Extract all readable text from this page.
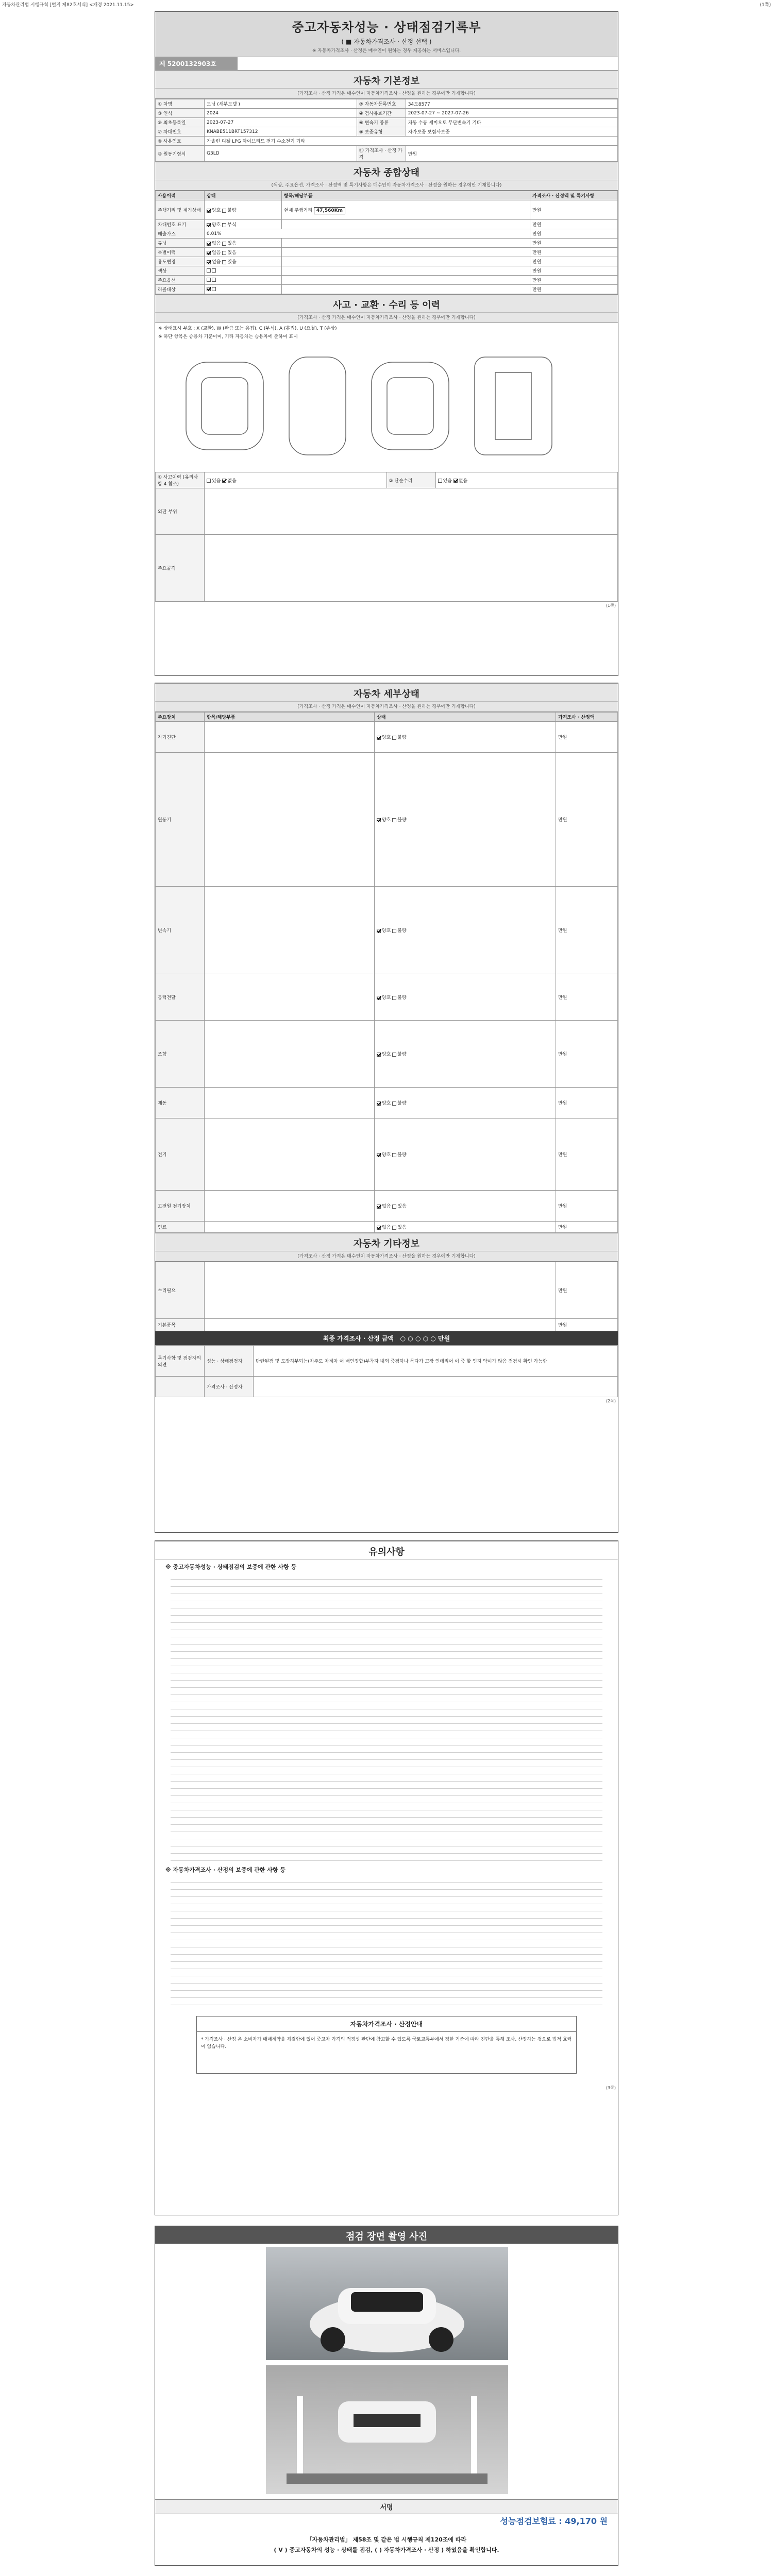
자동차관리법 시행규칙 [별지 제82호서식] <개정 2021.11.15>	(1쪽)
중고자동차성능 · 상태점검기록부
( ■ 자동차가격조사 · 산정 선택 )
※ 자동차가격조사 · 산정은 매수인이 원하는 경우 제공하는 서비스입니다.
제 5200132903호
자동차 기본정보
(가격조사 · 산정 가격은 매수인이 자동차가격조사 · 산정을 원하는 경우에만 기재합니다)
① 차명	모닝 (새부모델 )	② 자동차등록번호	34도8577
③ 연식	2024	④ 검사유효기간	2023-07-27 ~ 2027-07-26
⑤ 최초등록일	2023-07-27	⑥ 변속기 종류	자동 수동 세미오토 무단변속기 기타
⑦ 차대번호	KNABE511BRT157312	⑧ 보증유형	자가보증 보험사보증
⑨ 사용연료	가솔린 디젤 LPG 하이브리드 전기 수소전기 기타		
⑩ 원동기형식	G3LD	⑪ 가격조사 · 산정 가격	만원
자동차 종합상태
(색상, 주요옵션, 가격조사 · 산정액 및 특기사항은 매수인이 자동차가격조사 · 산정을 원하는 경우에만 기재합니다)
사용이력	상태	항목/해당부품	가격조사 · 산정액 및 특기사항
주행거리 및 계기상태	양호 불량	현재 주행거리 47,560Km	만원
차대번호 표기	양호 부식		만원
배출가스	0.01%		만원
튜닝	없음 있음		만원
특별이력	없음 있음		만원
용도변경	없음 있음		만원
색상			만원
주요옵션			만원
리콜대상			만원
사고 · 교환 · 수리 등 이력
(가격조사 · 산정 가격은 매수인이 자동차가격조사 · 산정을 원하는 경우에만 기재합니다)
※ 상태표시 부호 : X (교환), W (판금 또는 용접), C (부식), A (흠집), U (요철), T (손상)
※ 하단 항목은 승용차 기준이며, 기타 자동차는 승용차에 준하여 표시
① 사고이력 (유의사항 4 참조)	있음 없음	② 단순수리	있음 없음
외판 부위			
주요골격			
(1쪽)
자동차 세부상태
(가격조사 · 산정 가격은 매수인이 자동차가격조사 · 산정을 원하는 경우에만 기재합니다)
주요장치	항목/해당부품	상태	가격조사 · 산정액
자기진단		양호 불량	만원
원동기		양호 불량	만원
변속기		양호 불량	만원
동력전달		양호 불량	만원
조향		양호 불량	만원
제동		양호 불량	만원
전기		양호 불량	만원
고전원 전기장치		없음 있음	만원
연료		없음 있음	만원
자동차 기타정보
(가격조사 · 산정 가격은 매수인이 자동차가격조사 · 산정을 원하는 경우에만 기재합니다)
수리필요		만원
기본품목		만원
최종 가격조사 · 산정 금액   ○ ○ ○ ○ ○ 만원
특기사항 및 점검자의 의견	성능 · 상태점검자	단란된점 및 도장하부되는(차주도 차계차 어 배인정합)부착자 내외 중점하나 목다가 고장 인테리어 이 중 할 인지 약이가 않음 점검시 확인 가능함
	가격조사 · 산정자	
(2쪽)
유의사항
※ 중고자동차성능 · 상태점검의 보증에 관한 사항 등
※ 자동차가격조사 · 산정의 보증에 관한 사항 등
자동차가격조사 · 산정안내
* 가격조사 · 산정 은 소비자가 매매계약을 체결함에 있어 중고차 가격의 적정성 판단에 참고할 수 있도록 국토교통부에서 정한 기준에 따라 진단을 통해 조사, 산정하는 것으로 법적 효력이 없습니다.
(3쪽)
점검 장면 촬영 사진
서명
성능점검보험료 : 49,170 원
「자동차관리법」 제58조 및 같은 법 시행규칙 제120조에 따라
( V ) 중고자동차의 성능 · 상태를 점검, ( ) 자동차가격조사 · 산정 ) 하였음을 확인합니다.
